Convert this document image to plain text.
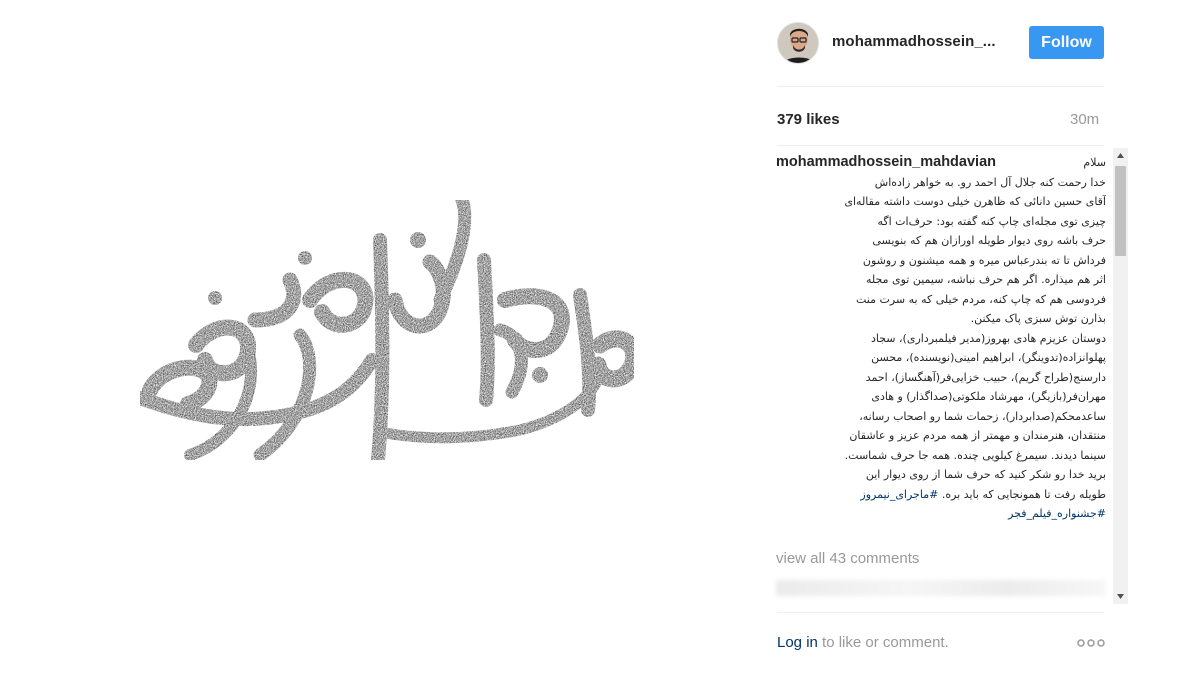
mohammadhossein_...	Follow
379 likes	30m
mohammadhossein_mahdavian	سلام
خدا رحمت کنه جلال آل احمد رو. به خواهر زاده‌اش
آقای حسین دانائی که ظاهرن خیلی دوست داشته مقاله‌ای
چیزی توی مجله‌ای چاپ کنه گفته بود: حرف‌ات اگه
حرف باشه روی دیوار طویله اورازان هم که بنویسی
فرداش تا ته بندرعباس میره و همه میشنون و روشون
اثر هم میذاره. اگر هم حرف نباشه، سیمین توی مجله
فردوسی هم که چاپ کنه، مردم خیلی که به سرت منت
بذارن توش سبزی پاک میکنن.
دوستان عزیزم هادی بهروز(مدیر فیلمبرداری)، سجاد
پهلوانزاده(تدوینگر)، ابراهیم امینی(نویسنده)، محسن
دارسنج(طراح گریم)، حبیب خزایی‌فر(آهنگساز)، احمد
مهران‌فر(بازیگر)، مهرشاد ملکوتی(صداگذار) و هادی
ساعدمحکم(صدابردار)، زحمات شما رو اصحاب رسانه،
منتقدان، هنرمندان و مهمتر از همه مردم عزیز و عاشقان
سینما دیدند. سیمرغ کیلویی چنده. همه جا حرف شماست.
برید خدا رو شکر کنید که حرف شما از روی دیوار این
طویله رفت تا همونجایی که باید بره. #ماجرای_نیمروز
#جشنواره_فیلم_فجر
view all 43 comments
Log in to like or comment.
